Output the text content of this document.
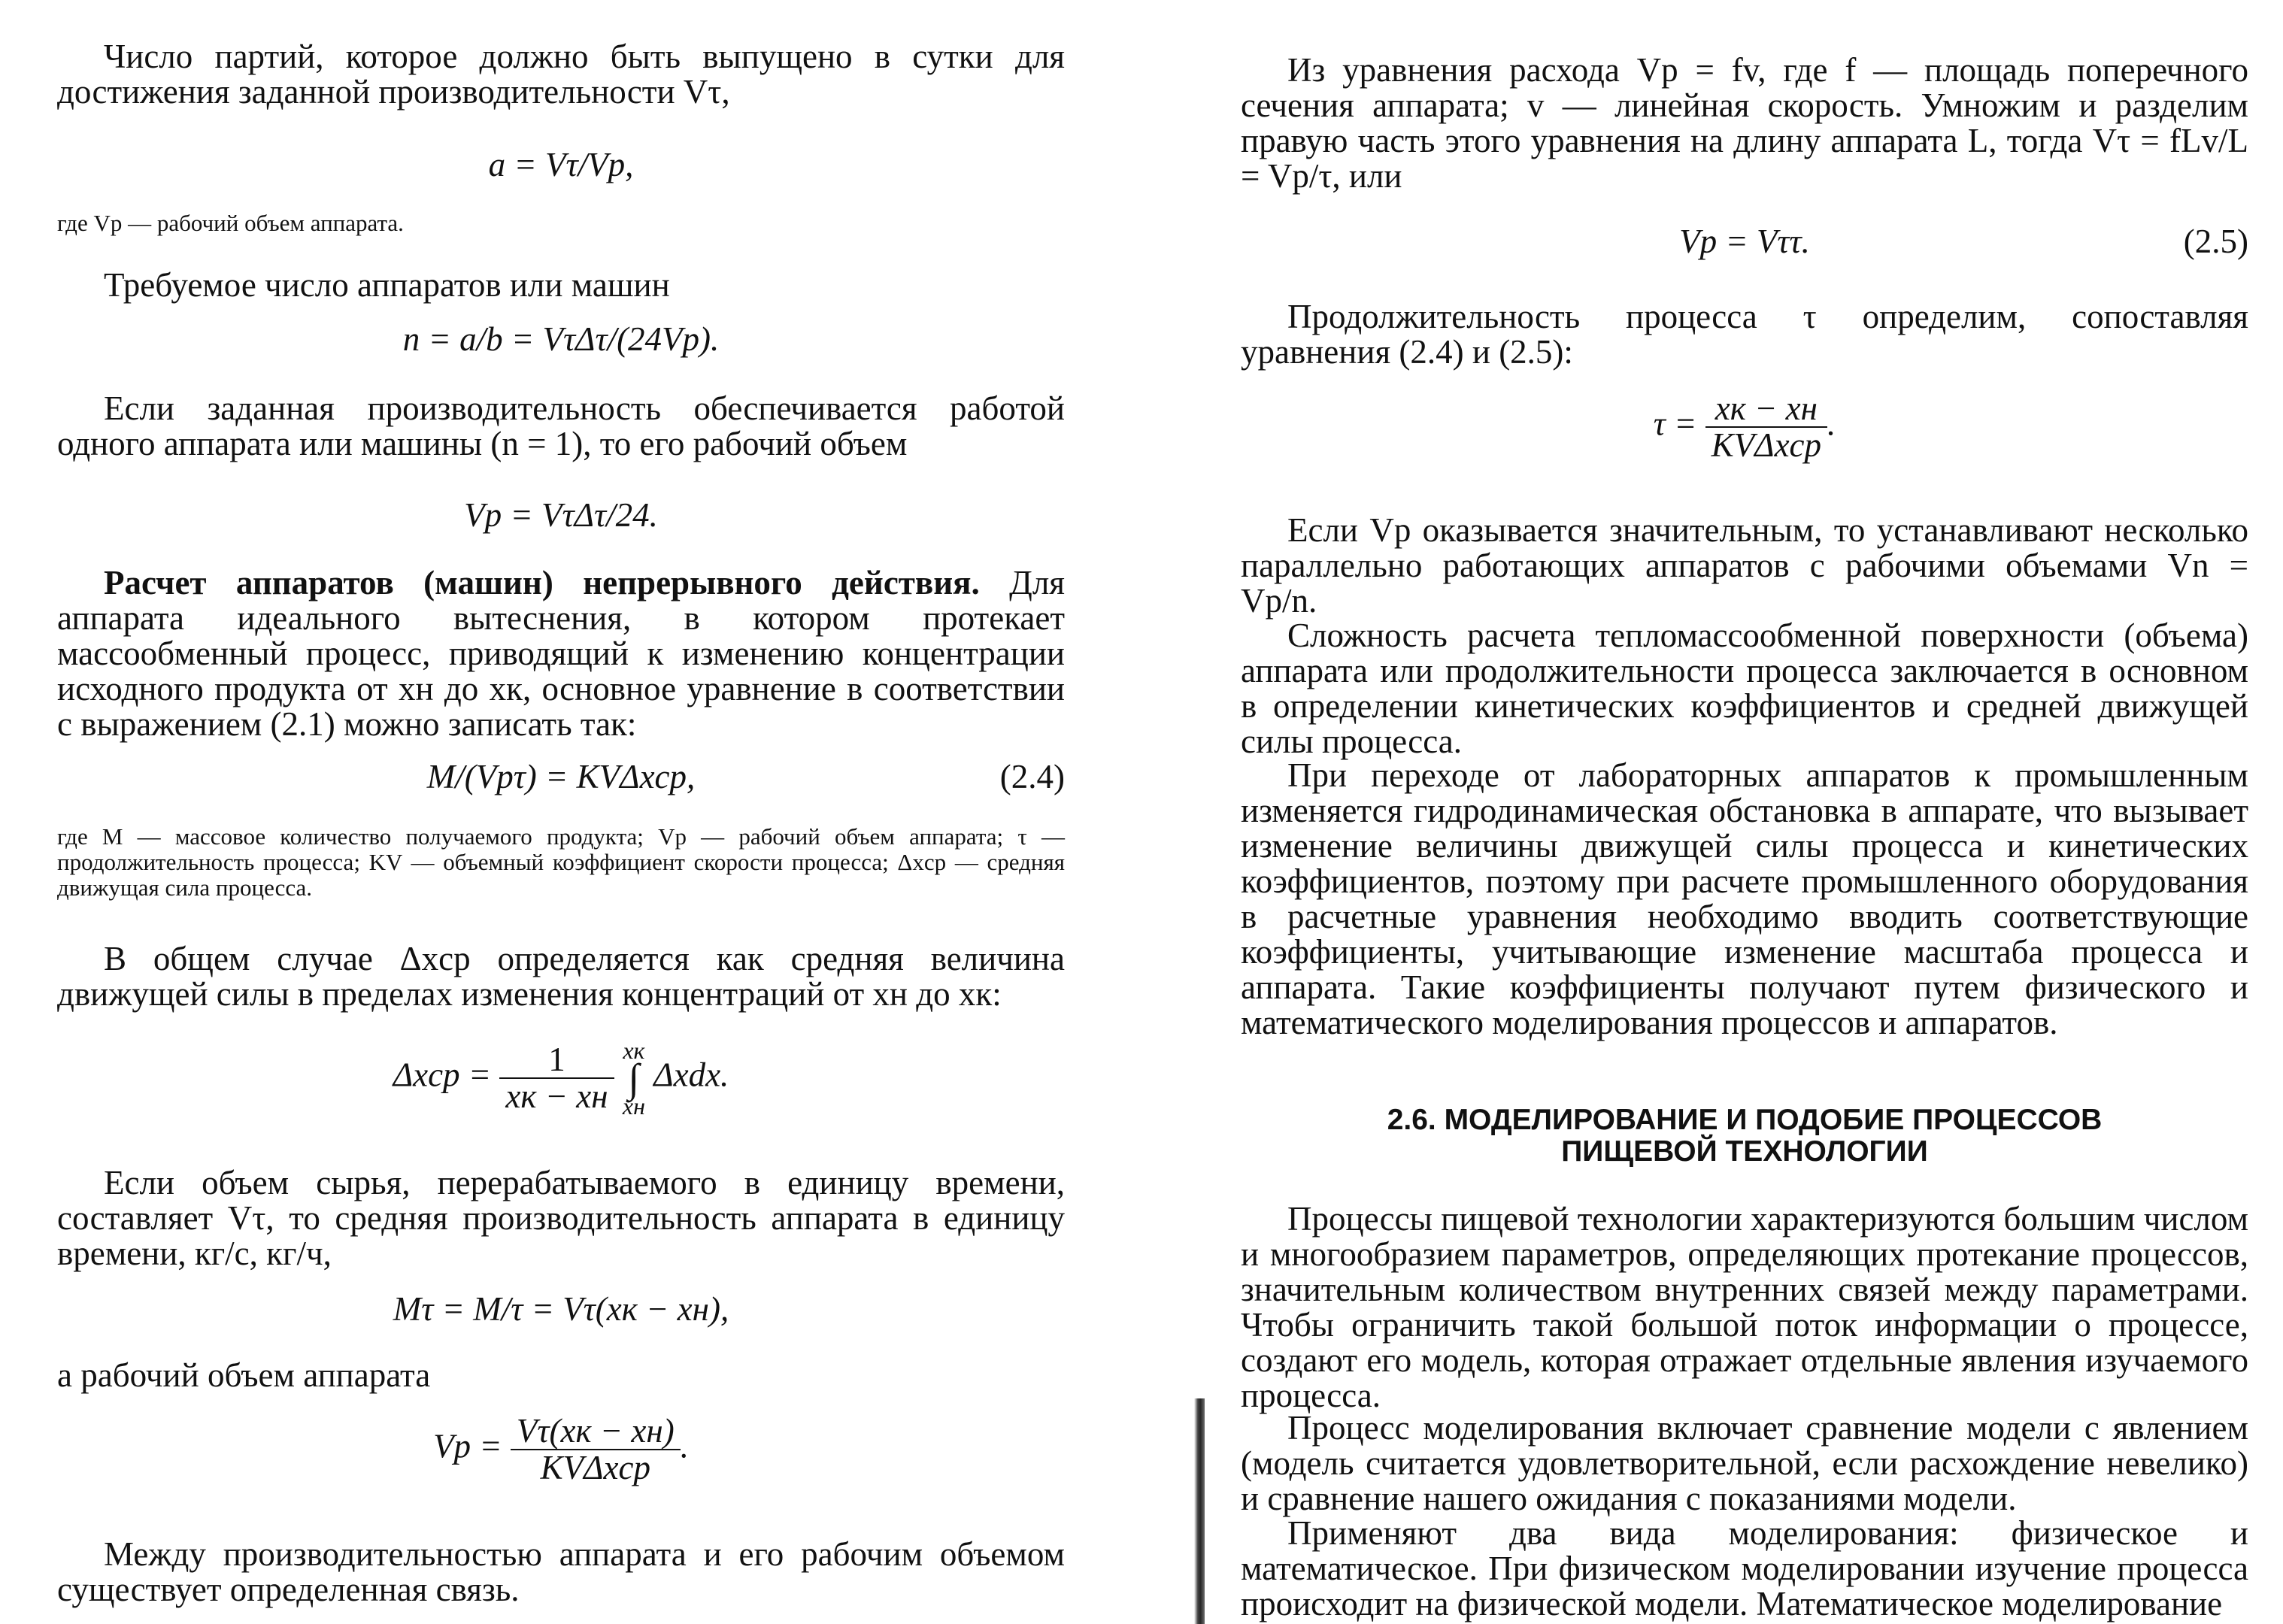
Число партий, которое должно быть выпущено в сутки для достижения заданной производительности Vτ,

a = Vτ/Vр,

где Vр — рабочий объем аппарата.

Требуемое число аппаратов или машин

n = a/b = VτΔτ/(24Vр).

Если заданная производительность обеспечивается работой одного аппарата или машины (n = 1), то его рабочий объем

Vр = VτΔτ/24.

Расчет аппаратов (машин) непрерывного действия. Для аппарата идеального вытеснения, в котором протекает массообменный процесс, приводящий к изменению концентрации исходного продукта от xн до xк, основное уравнение в соответствии с выражением (2.1) можно записать так:

M/(Vрτ) = KVΔxср,	(2.4)

где M — массовое количество получаемого продукта; Vр — рабочий объем аппарата; τ — продолжительность процесса; KV — объемный коэффициент скорости процесса; Δxср — средняя движущая сила процесса.

В общем случае Δxср определяется как средняя величина движущей силы в пределах изменения концентраций от xн до xк:

$\Delta xср = \frac{1}{xк - xн}$
xк
∫
xн
Δxdx.

Если объем сырья, перерабатываемого в единицу времени, составляет Vτ, то средняя производительность аппарата в единицу времени, кг/с, кг/ч,

Mτ = M/τ = Vτ(xк − xн),

а рабочий объем аппарата

Vр = $\frac{V\tau(xк - xн)}{\text{KVΔxср}}$ .

Между производительностью аппарата и его рабочим объемом существует определенная связь.

Из уравнения расхода Vр = fv, где f — площадь поперечного сечения аппарата; v — линейная скорость. Умножим и разделим правую часть этого уравнения на длину аппарата L, тогда Vτ = fLv/L = Vр/τ, или

Vр = Vττ.	(2.5)

Продолжительность процесса τ определим, сопоставляя уравнения (2.4) и (2.5):

$\tau = \frac{xк - xн}{\text{KVΔxср}}$ .

Если Vр оказывается значительным, то устанавливают несколько параллельно работающих аппаратов с рабочими объемами Vn = Vр/n.

Сложность расчета тепломассообменной поверхности (объема) аппарата или продолжительности процесса заключается в основном в определении кинетических коэффициентов и средней движущей силы процесса.

При переходе от лабораторных аппаратов к промышленным изменяется гидродинамическая обстановка в аппарате, что вызывает изменение величины движущей силы процесса и кинетических коэффициентов, поэтому при расчете промышленного оборудования в расчетные уравнения необходимо вводить соответствующие коэффициенты, учитывающие изменение масштаба процесса и аппарата. Такие коэффициенты получают путем физического и математического моделирования процессов и аппаратов.

2.6. МОДЕЛИРОВАНИЕ И ПОДОБИЕ ПРОЦЕССОВ

ПИЩЕВОЙ ТЕХНОЛОГИИ

Процессы пищевой технологии характеризуются большим числом и многообразием параметров, определяющих протекание процессов, значительным количеством внутренних связей между параметрами. Чтобы ограничить такой большой поток информации о процессе, создают его модель, которая отражает отдельные явления изучаемого процесса.

Процесс моделирования включает сравнение модели с явлением (модель считается удовлетворительной, если расхождение невелико) и сравнение нашего ожидания с показаниями модели.

Применяют два вида моделирования: физическое и математическое. При физическом моделировании изучение процесса происходит на физической модели. Математическое моделирование
